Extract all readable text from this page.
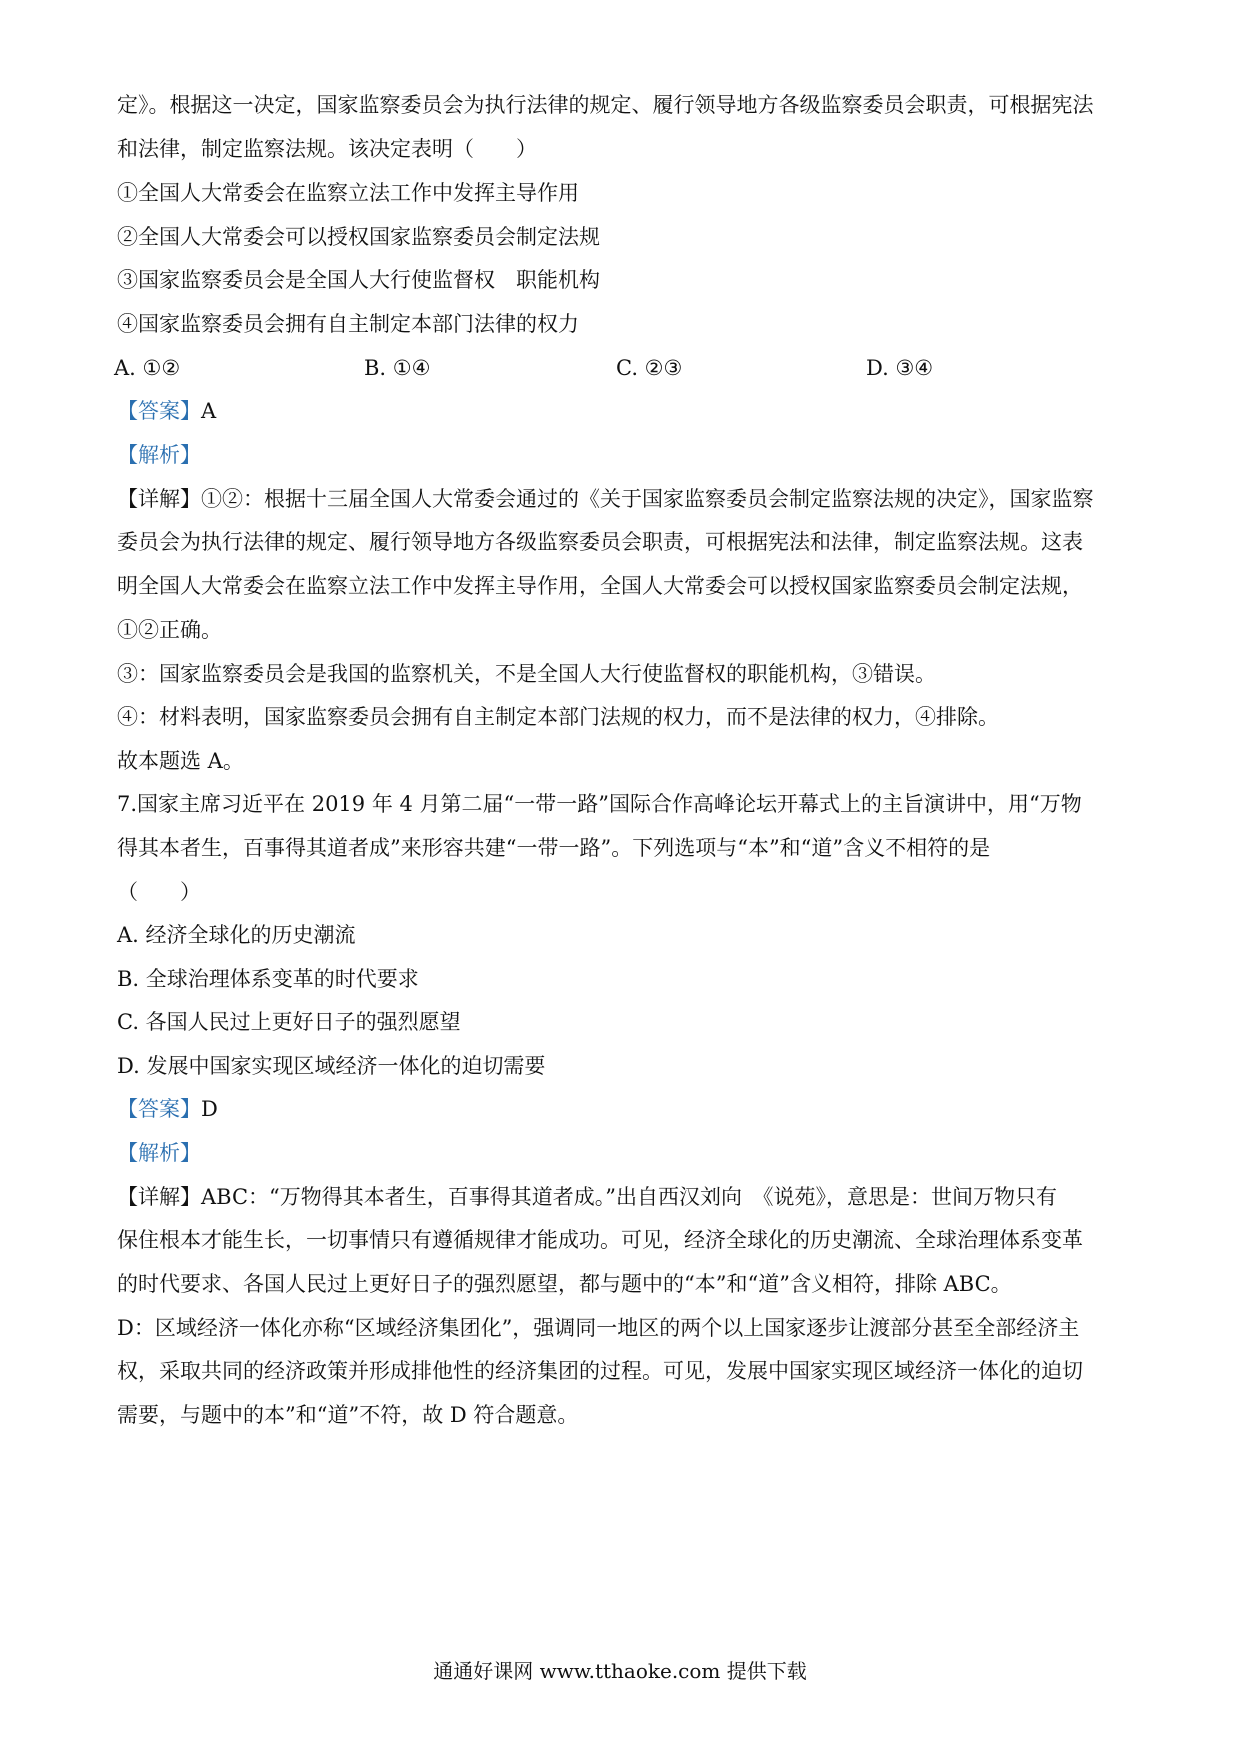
定》。根据这一决定，国家监察委员会为执行法律的规定、履行领导地方各级监察委员会职责，可根据宪法
和法律，制定监察法规。该决定表明（　　）
①全国人大常委会在监察立法工作中发挥主导作用
②全国人大常委会可以授权国家监察委员会制定法规
③国家监察委员会是全国人大行使监督权　职能机构
④国家监察委员会拥有自主制定本部门法律的权力
A. ①②	B. ①④	C. ②③	D. ③④
【答案】A
【解析】
【详解】①②：根据十三届全国人大常委会通过的《关于国家监察委员会制定监察法规的决定》，国家监察
委员会为执行法律的规定、履行领导地方各级监察委员会职责，可根据宪法和法律，制定监察法规。这表
明全国人大常委会在监察立法工作中发挥主导作用，全国人大常委会可以授权国家监察委员会制定法规，
①②正确。
③：国家监察委员会是我国的监察机关，不是全国人大行使监督权的职能机构，③错误。
④：材料表明，国家监察委员会拥有自主制定本部门法规的权力，而不是法律的权力，④排除。
故本题选 A。
7.国家主席习近平在 2019 年 4 月第二届“一带一路”国际合作高峰论坛开幕式上的主旨演讲中，用“万物
得其本者生，百事得其道者成”来形容共建“一带一路”。下列选项与“本”和“道”含义不相符的是
（　　）
A. 经济全球化的历史潮流
B. 全球治理体系变革的时代要求
C. 各国人民过上更好日子的强烈愿望
D. 发展中国家实现区域经济一体化的迫切需要
【答案】D
【解析】
【详解】ABC：“万物得其本者生，百事得其道者成。”出自西汉刘向　《说苑》，意思是：世间万物只有
保住根本才能生长，一切事情只有遵循规律才能成功。可见，经济全球化的历史潮流、全球治理体系变革
的时代要求、各国人民过上更好日子的强烈愿望，都与题中的“本”和“道”含义相符，排除 ABC。
D：区域经济一体化亦称“区域经济集团化”，强调同一地区的两个以上国家逐步让渡部分甚至全部经济主
权，采取共同的经济政策并形成排他性的经济集团的过程。可见，发展中国家实现区域经济一体化的迫切
需要，与题中的本”和“道”不符，故 D 符合题意。
通通好课网 www.tthaoke.com 提供下载
